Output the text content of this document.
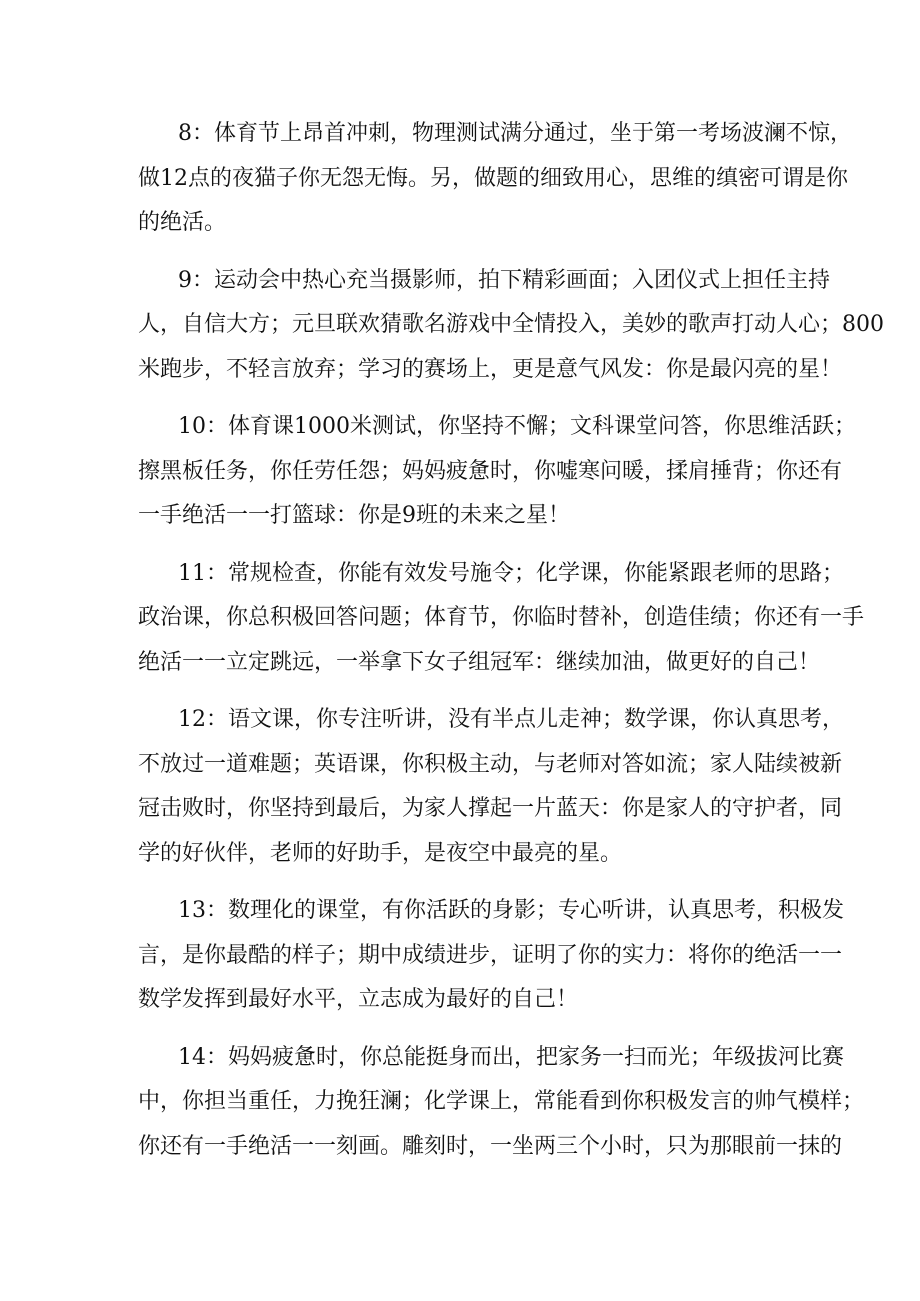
8：体育节上昂首冲刺，物理测试满分通过，坐于第一考场波澜不惊，
做12点的夜猫子你无怨无悔。另，做题的细致用心，思维的缜密可谓是你
的绝活。
9：运动会中热心充当摄影师，拍下精彩画面；入团仪式上担任主持
人，自信大方；元旦联欢猜歌名游戏中全情投入，美妙的歌声打动人心；800
米跑步，不轻言放弃；学习的赛场上，更是意气风发：你是最闪亮的星！
10：体育课1000米测试，你坚持不懈；文科课堂问答，你思维活跃；
擦黑板任务，你任劳任怨；妈妈疲惫时，你嘘寒问暖，揉肩捶背；你还有
一手绝活一一打篮球：你是9班的未来之星！
11：常规检查，你能有效发号施令；化学课，你能紧跟老师的思路；
政治课，你总积极回答问题；体育节，你临时替补，创造佳绩；你还有一手
绝活一一立定跳远，一举拿下女子组冠军：继续加油，做更好的自己！
12：语文课，你专注听讲，没有半点儿走神；数学课，你认真思考，
不放过一道难题；英语课，你积极主动，与老师对答如流；家人陆续被新
冠击败时，你坚持到最后，为家人撑起一片蓝天：你是家人的守护者，同
学的好伙伴，老师的好助手，是夜空中最亮的星。
13：数理化的课堂，有你活跃的身影；专心听讲，认真思考，积极发
言，是你最酷的样子；期中成绩进步，证明了你的实力：将你的绝活一一
数学发挥到最好水平，立志成为最好的自己！
14：妈妈疲惫时，你总能挺身而出，把家务一扫而光；年级拔河比赛
中，你担当重任，力挽狂澜；化学课上，常能看到你积极发言的帅气模样；
你还有一手绝活一一刻画。雕刻时，一坐两三个小时，只为那眼前一抹的
